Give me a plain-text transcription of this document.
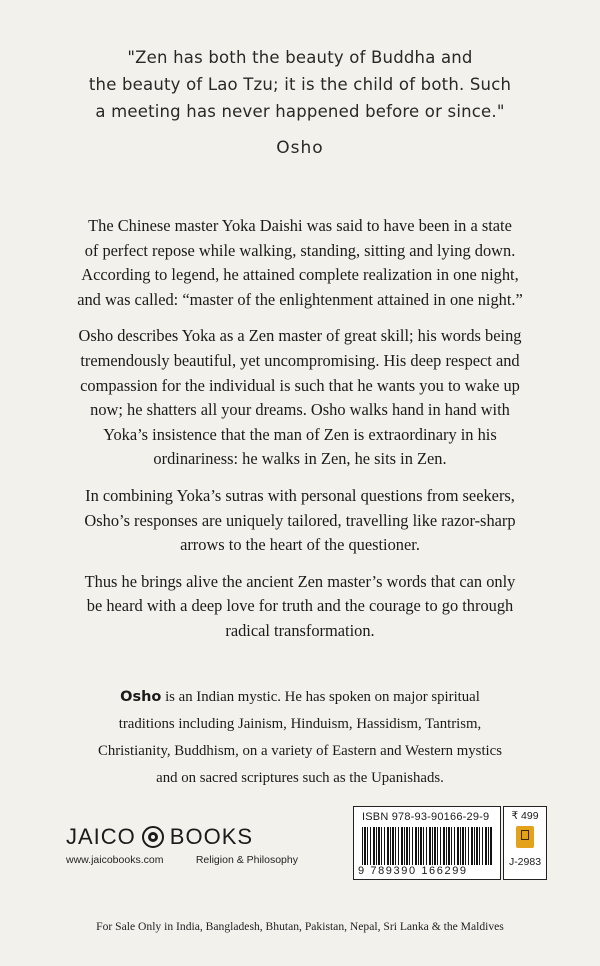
"Zen has both the beauty of Buddha and
the beauty of Lao Tzu; it is the child of both. Such
a meeting has never happened before or since."
Osho

The Chinese master Yoka Daishi was said to have been in a state
of perfect repose while walking, standing, sitting and lying down.
According to legend, he attained complete realization in one night,
and was called: “master of the enlightenment attained in one night.”

Osho describes Yoka as a Zen master of great skill; his words being
tremendously beautiful, yet uncompromising. His deep respect and
compassion for the individual is such that he wants you to wake up
now; he shatters all your dreams. Osho walks hand in hand with
Yoka’s insistence that the man of Zen is extraordinary in his
ordinariness: he walks in Zen, he sits in Zen.

In combining Yoka’s sutras with personal questions from seekers,
Osho’s responses are uniquely tailored, travelling like razor-sharp
arrows to the heart of the questioner.

Thus he brings alive the ancient Zen master’s words that can only
be heard with a deep love for truth and the courage to go through
radical transformation.

Osho is an Indian mystic. He has spoken on major spiritual
traditions including Jainism, Hinduism, Hassidism, Tantrism,
Christianity, Buddhism, on a variety of Eastern and Western mystics
and on sacred scriptures such as the Upanishads.
JAICO BOOKS
www.jaicobooks.com	Religion & Philosophy
ISBN 978-93-90166-29-9
9 789390 166299
₹ 499
J-2983
For Sale Only in India, Bangladesh, Bhutan, Pakistan, Nepal, Sri Lanka & the Maldives
